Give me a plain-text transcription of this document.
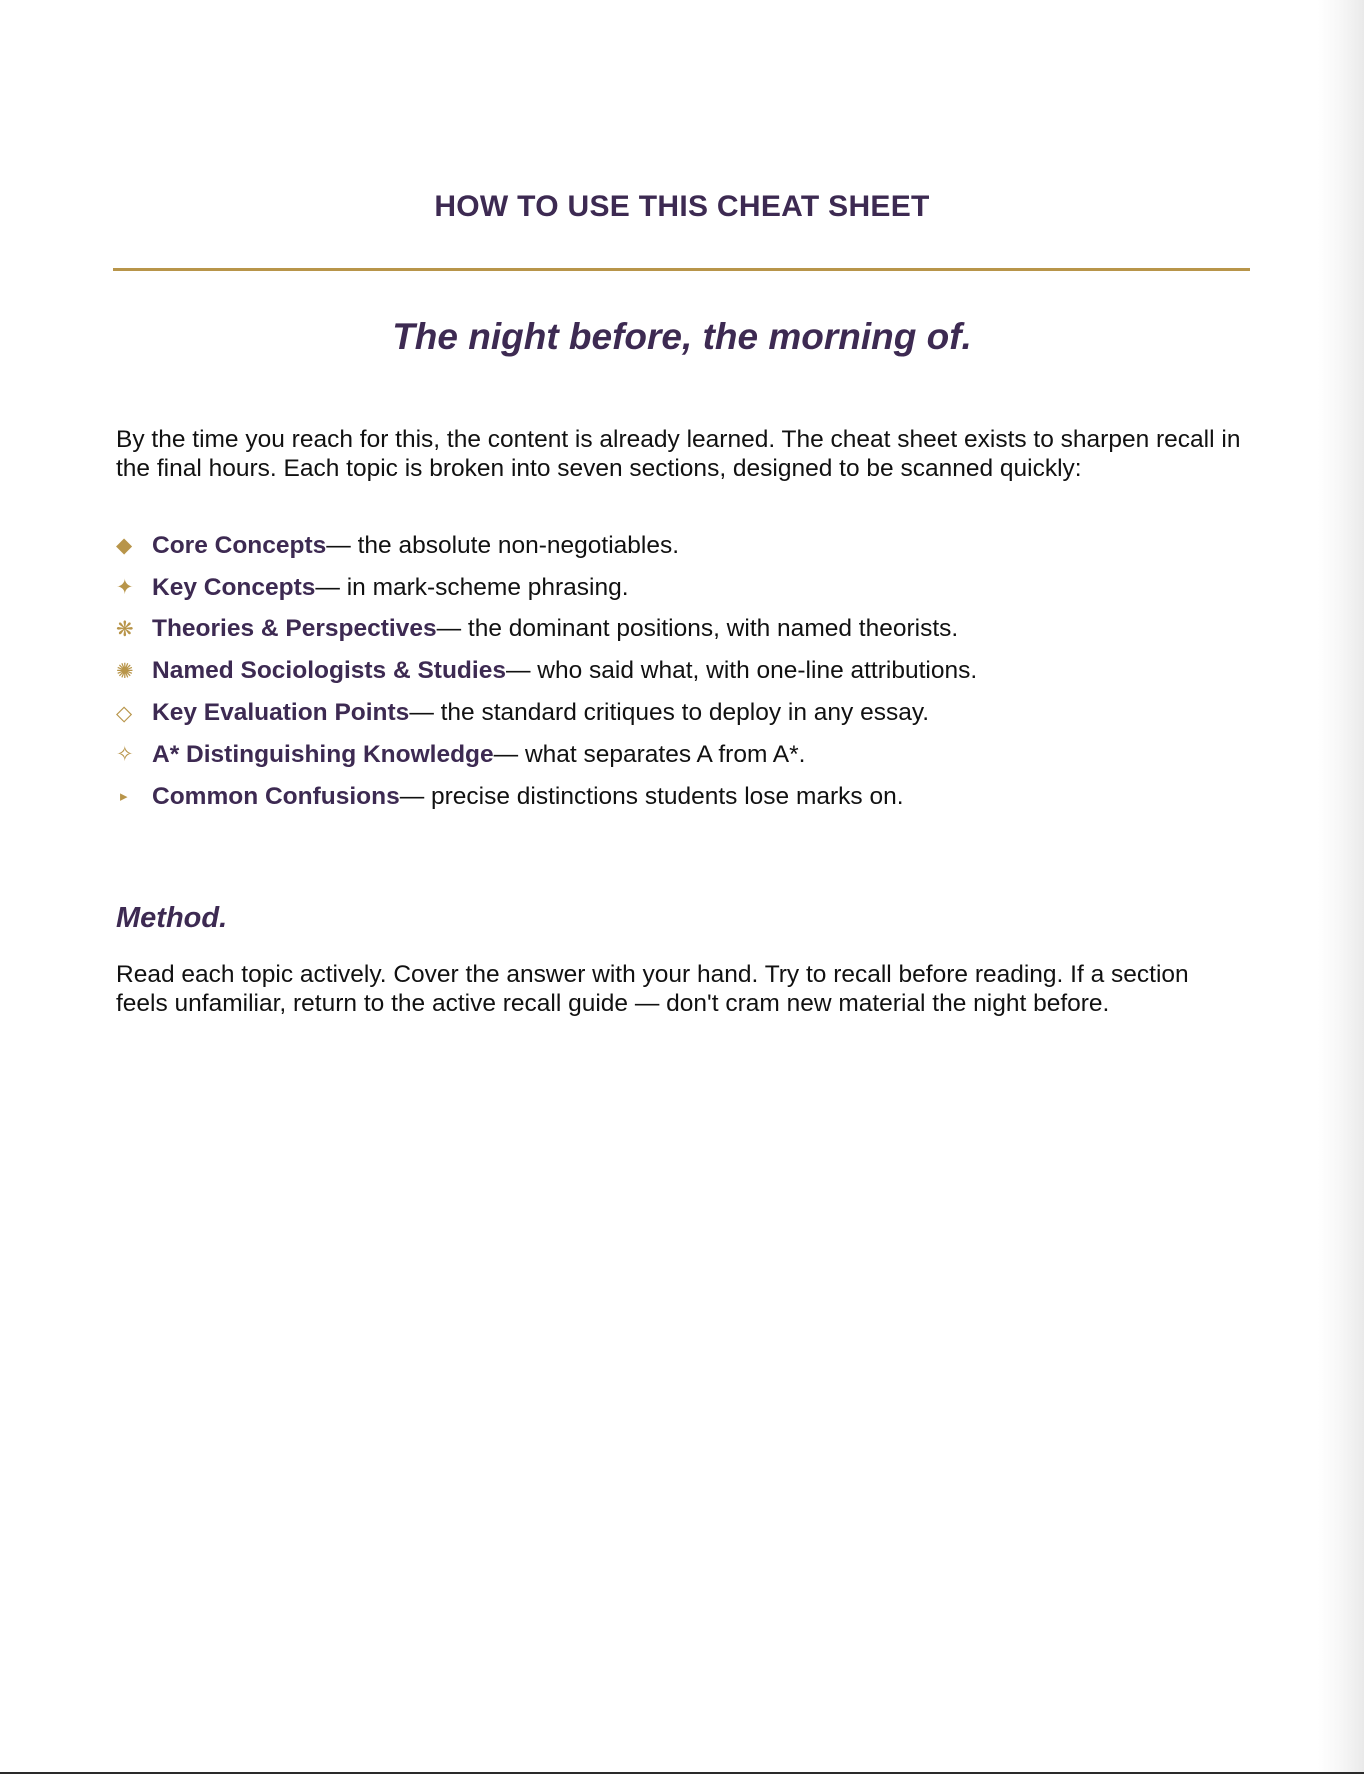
HOW TO USE THIS CHEAT SHEET
The night before, the morning of.

By the time you reach for this, the content is already learned. The cheat sheet exists to sharpen recall in the final hours. Each topic is broken into seven sections, designed to be scanned quickly:

◆ Core Concepts — the absolute non-negotiables.
✦ Key Concepts — in mark-scheme phrasing.
❋ Theories & Perspectives — the dominant positions, with named theorists.
✺ Named Sociologists & Studies — who said what, with one-line attributions.
◇ Key Evaluation Points — the standard critiques to deploy in any essay.
✧ A* Distinguishing Knowledge — what separates A from A*.
▸ Common Confusions — precise distinctions students lose marks on.
Method.

Read each topic actively. Cover the answer with your hand. Try to recall before reading. If a section feels unfamiliar, return to the active recall guide — don't cram new material the night before.
